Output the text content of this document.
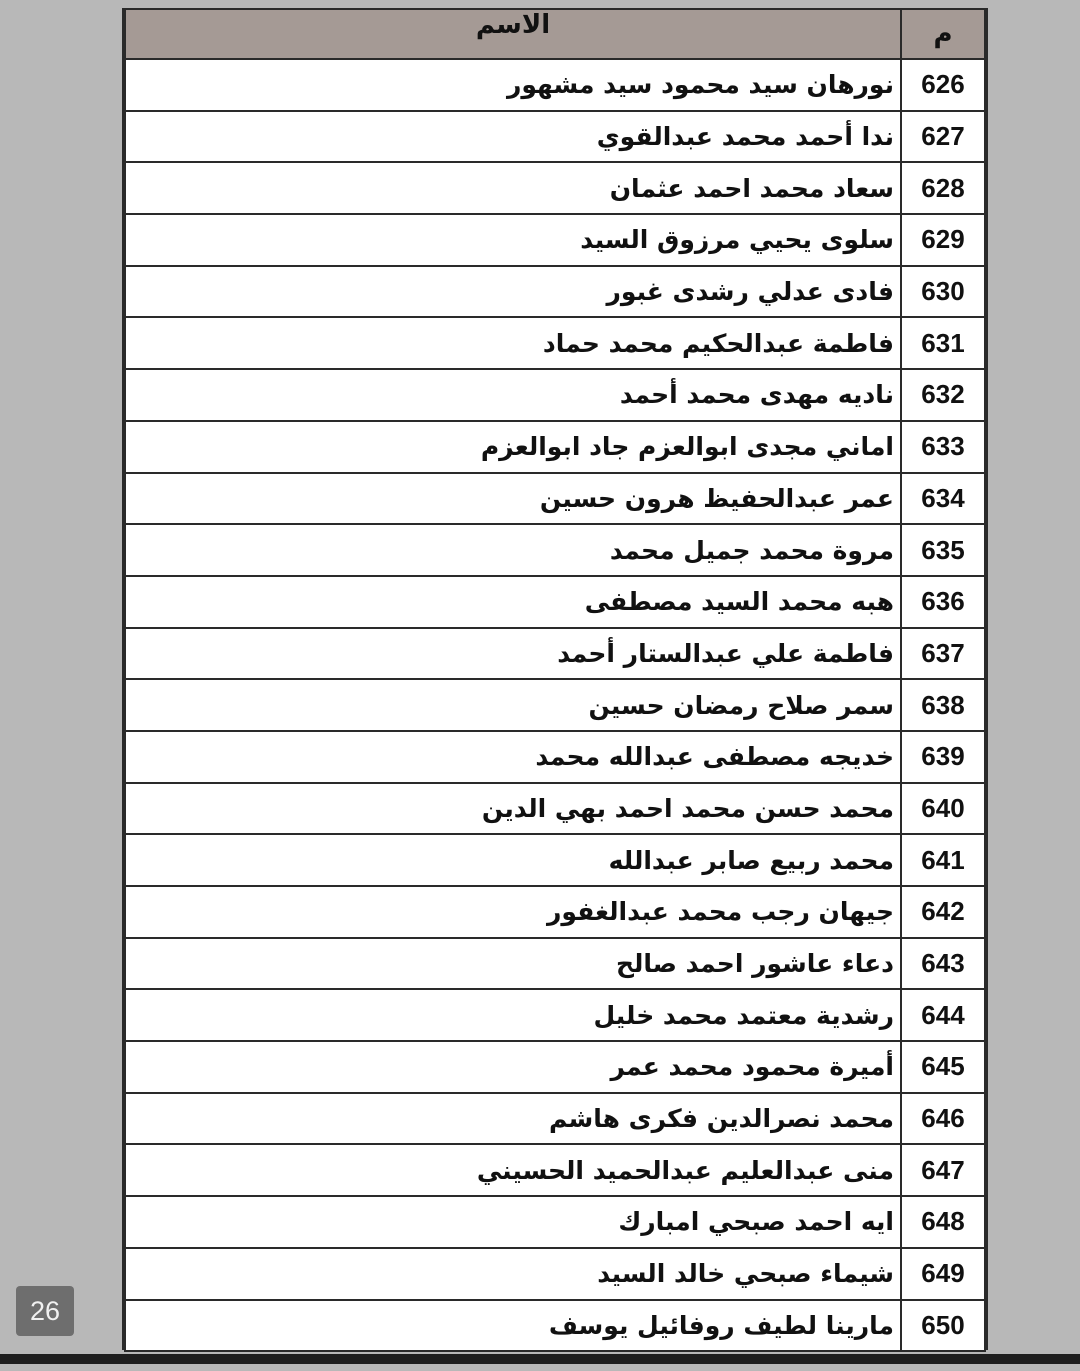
م	الاسم
626	نورهان سيد محمود سيد مشهور
627	ندا أحمد محمد عبدالقوي
628	سعاد محمد احمد عثمان
629	سلوى يحيي مرزوق السيد
630	فادى عدلي رشدى غبور
631	فاطمة عبدالحكيم محمد حماد
632	ناديه مهدى محمد أحمد
633	اماني مجدى ابوالعزم جاد ابوالعزم
634	عمر عبدالحفيظ هرون حسين
635	مروة محمد جميل محمد
636	هبه محمد السيد مصطفى
637	فاطمة علي عبدالستار أحمد
638	سمر صلاح رمضان حسين
639	خديجه مصطفى عبدالله محمد
640	محمد حسن محمد احمد بهي الدين
641	محمد ربيع صابر عبدالله
642	جيهان رجب محمد عبدالغفور
643	دعاء عاشور احمد صالح
644	رشدية معتمد محمد خليل
645	أميرة محمود محمد عمر
646	محمد نصرالدين فكرى هاشم
647	منى عبدالعليم عبدالحميد الحسيني
648	ايه احمد صبحي امبارك
649	شيماء صبحي خالد السيد
650	مارينا لطيف روفائيل يوسف
26
